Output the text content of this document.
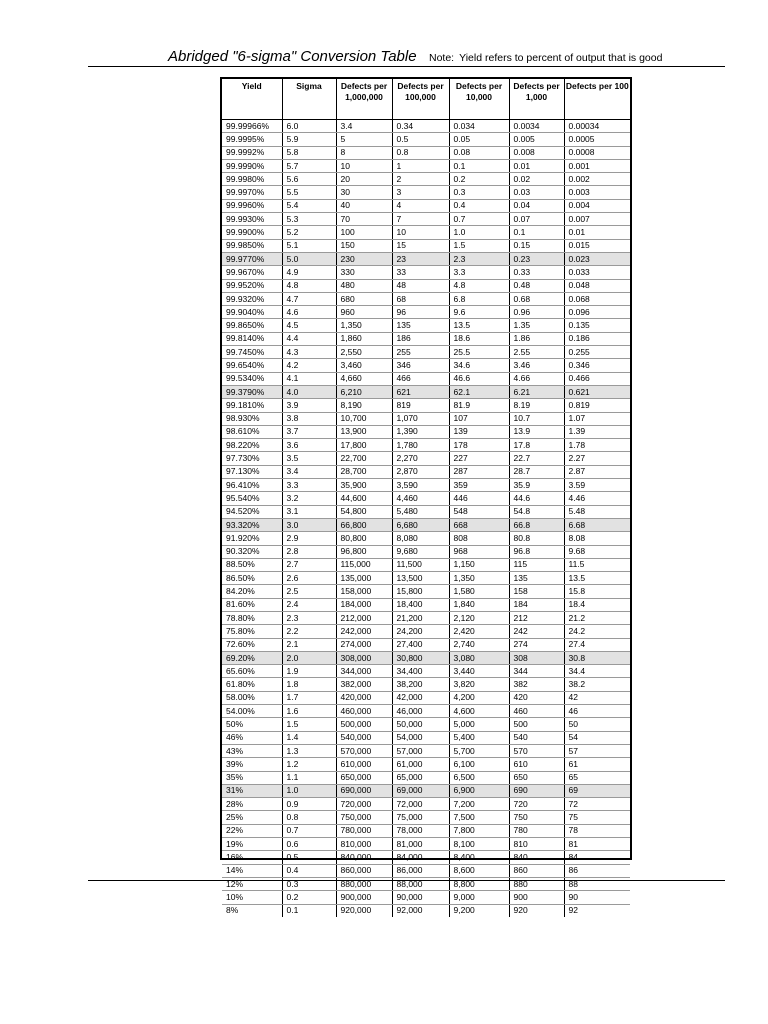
Abridged "6-sigma" Conversion Table Note: Yield refers to percent of output that is good
Yield	Sigma	Defects per 1,000,000	Defects per 100,000	Defects per 10,000	Defects per 1,000	Defects per 100
99.99966%	6.0	3.4	0.34	0.034	0.0034	0.00034
99.9995%	5.9	5	0.5	0.05	0.005	0.0005
99.9992%	5.8	8	0.8	0.08	0.008	0.0008
99.9990%	5.7	10	1	0.1	0.01	0.001
99.9980%	5.6	20	2	0.2	0.02	0.002
99.9970%	5.5	30	3	0.3	0.03	0.003
99.9960%	5.4	40	4	0.4	0.04	0.004
99.9930%	5.3	70	7	0.7	0.07	0.007
99.9900%	5.2	100	10	1.0	0.1	0.01
99.9850%	5.1	150	15	1.5	0.15	0.015
99.9770%	5.0	230	23	2.3	0.23	0.023
99.9670%	4.9	330	33	3.3	0.33	0.033
99.9520%	4.8	480	48	4.8	0.48	0.048
99.9320%	4.7	680	68	6.8	0.68	0.068
99.9040%	4.6	960	96	9.6	0.96	0.096
99.8650%	4.5	1,350	135	13.5	1.35	0.135
99.8140%	4.4	1,860	186	18.6	1.86	0.186
99.7450%	4.3	2,550	255	25.5	2.55	0.255
99.6540%	4.2	3,460	346	34.6	3.46	0.346
99.5340%	4.1	4,660	466	46.6	4.66	0.466
99.3790%	4.0	6,210	621	62.1	6.21	0.621
99.1810%	3.9	8,190	819	81.9	8.19	0.819
98.930%	3.8	10,700	1,070	107	10.7	1.07
98.610%	3.7	13,900	1,390	139	13.9	1.39
98.220%	3.6	17,800	1,780	178	17.8	1.78
97.730%	3.5	22,700	2,270	227	22.7	2.27
97.130%	3.4	28,700	2,870	287	28.7	2.87
96.410%	3.3	35,900	3,590	359	35.9	3.59
95.540%	3.2	44,600	4,460	446	44.6	4.46
94.520%	3.1	54,800	5,480	548	54.8	5.48
93.320%	3.0	66,800	6,680	668	66.8	6.68
91.920%	2.9	80,800	8,080	808	80.8	8.08
90.320%	2.8	96,800	9,680	968	96.8	9.68
88.50%	2.7	115,000	11,500	1,150	115	11.5
86.50%	2.6	135,000	13,500	1,350	135	13.5
84.20%	2.5	158,000	15,800	1,580	158	15.8
81.60%	2.4	184,000	18,400	1,840	184	18.4
78.80%	2.3	212,000	21,200	2,120	212	21.2
75.80%	2.2	242,000	24,200	2,420	242	24.2
72.60%	2.1	274,000	27,400	2,740	274	27.4
69.20%	2.0	308,000	30,800	3,080	308	30.8
65.60%	1.9	344,000	34,400	3,440	344	34.4
61.80%	1.8	382,000	38,200	3,820	382	38.2
58.00%	1.7	420,000	42,000	4,200	420	42
54.00%	1.6	460,000	46,000	4,600	460	46
50%	1.5	500,000	50,000	5,000	500	50
46%	1.4	540,000	54,000	5,400	540	54
43%	1.3	570,000	57,000	5,700	570	57
39%	1.2	610,000	61,000	6,100	610	61
35%	1.1	650,000	65,000	6,500	650	65
31%	1.0	690,000	69,000	6,900	690	69
28%	0.9	720,000	72,000	7,200	720	72
25%	0.8	750,000	75,000	7,500	750	75
22%	0.7	780,000	78,000	7,800	780	78
19%	0.6	810,000	81,000	8,100	810	81
16%	0.5	840,000	84,000	8,400	840	84
14%	0.4	860,000	86,000	8,600	860	86
12%	0.3	880,000	88,000	8,800	880	88
10%	0.2	900,000	90,000	9,000	900	90
8%	0.1	920,000	92,000	9,200	920	92
